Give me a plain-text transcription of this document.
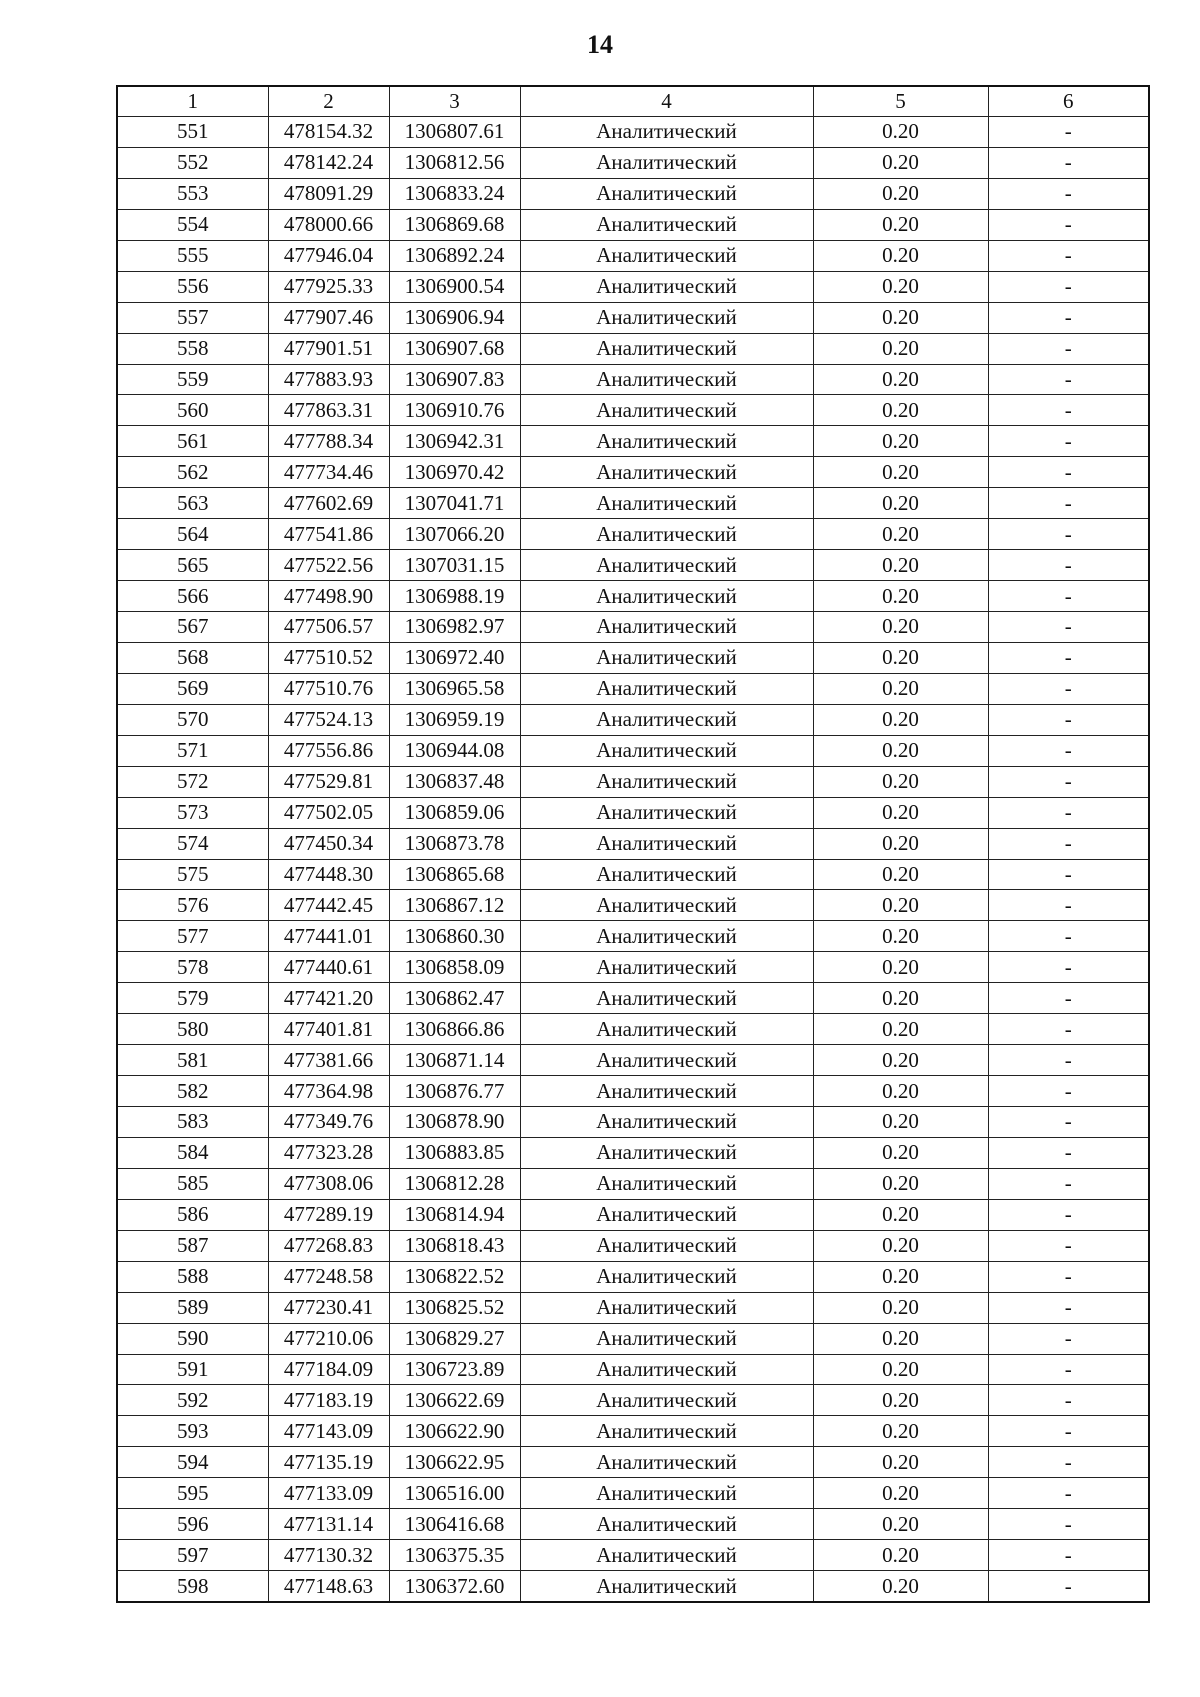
14
1	2	3	4	5	6
551	478154.32	1306807.61	Аналитический	0.20	-
552	478142.24	1306812.56	Аналитический	0.20	-
553	478091.29	1306833.24	Аналитический	0.20	-
554	478000.66	1306869.68	Аналитический	0.20	-
555	477946.04	1306892.24	Аналитический	0.20	-
556	477925.33	1306900.54	Аналитический	0.20	-
557	477907.46	1306906.94	Аналитический	0.20	-
558	477901.51	1306907.68	Аналитический	0.20	-
559	477883.93	1306907.83	Аналитический	0.20	-
560	477863.31	1306910.76	Аналитический	0.20	-
561	477788.34	1306942.31	Аналитический	0.20	-
562	477734.46	1306970.42	Аналитический	0.20	-
563	477602.69	1307041.71	Аналитический	0.20	-
564	477541.86	1307066.20	Аналитический	0.20	-
565	477522.56	1307031.15	Аналитический	0.20	-
566	477498.90	1306988.19	Аналитический	0.20	-
567	477506.57	1306982.97	Аналитический	0.20	-
568	477510.52	1306972.40	Аналитический	0.20	-
569	477510.76	1306965.58	Аналитический	0.20	-
570	477524.13	1306959.19	Аналитический	0.20	-
571	477556.86	1306944.08	Аналитический	0.20	-
572	477529.81	1306837.48	Аналитический	0.20	-
573	477502.05	1306859.06	Аналитический	0.20	-
574	477450.34	1306873.78	Аналитический	0.20	-
575	477448.30	1306865.68	Аналитический	0.20	-
576	477442.45	1306867.12	Аналитический	0.20	-
577	477441.01	1306860.30	Аналитический	0.20	-
578	477440.61	1306858.09	Аналитический	0.20	-
579	477421.20	1306862.47	Аналитический	0.20	-
580	477401.81	1306866.86	Аналитический	0.20	-
581	477381.66	1306871.14	Аналитический	0.20	-
582	477364.98	1306876.77	Аналитический	0.20	-
583	477349.76	1306878.90	Аналитический	0.20	-
584	477323.28	1306883.85	Аналитический	0.20	-
585	477308.06	1306812.28	Аналитический	0.20	-
586	477289.19	1306814.94	Аналитический	0.20	-
587	477268.83	1306818.43	Аналитический	0.20	-
588	477248.58	1306822.52	Аналитический	0.20	-
589	477230.41	1306825.52	Аналитический	0.20	-
590	477210.06	1306829.27	Аналитический	0.20	-
591	477184.09	1306723.89	Аналитический	0.20	-
592	477183.19	1306622.69	Аналитический	0.20	-
593	477143.09	1306622.90	Аналитический	0.20	-
594	477135.19	1306622.95	Аналитический	0.20	-
595	477133.09	1306516.00	Аналитический	0.20	-
596	477131.14	1306416.68	Аналитический	0.20	-
597	477130.32	1306375.35	Аналитический	0.20	-
598	477148.63	1306372.60	Аналитический	0.20	-
